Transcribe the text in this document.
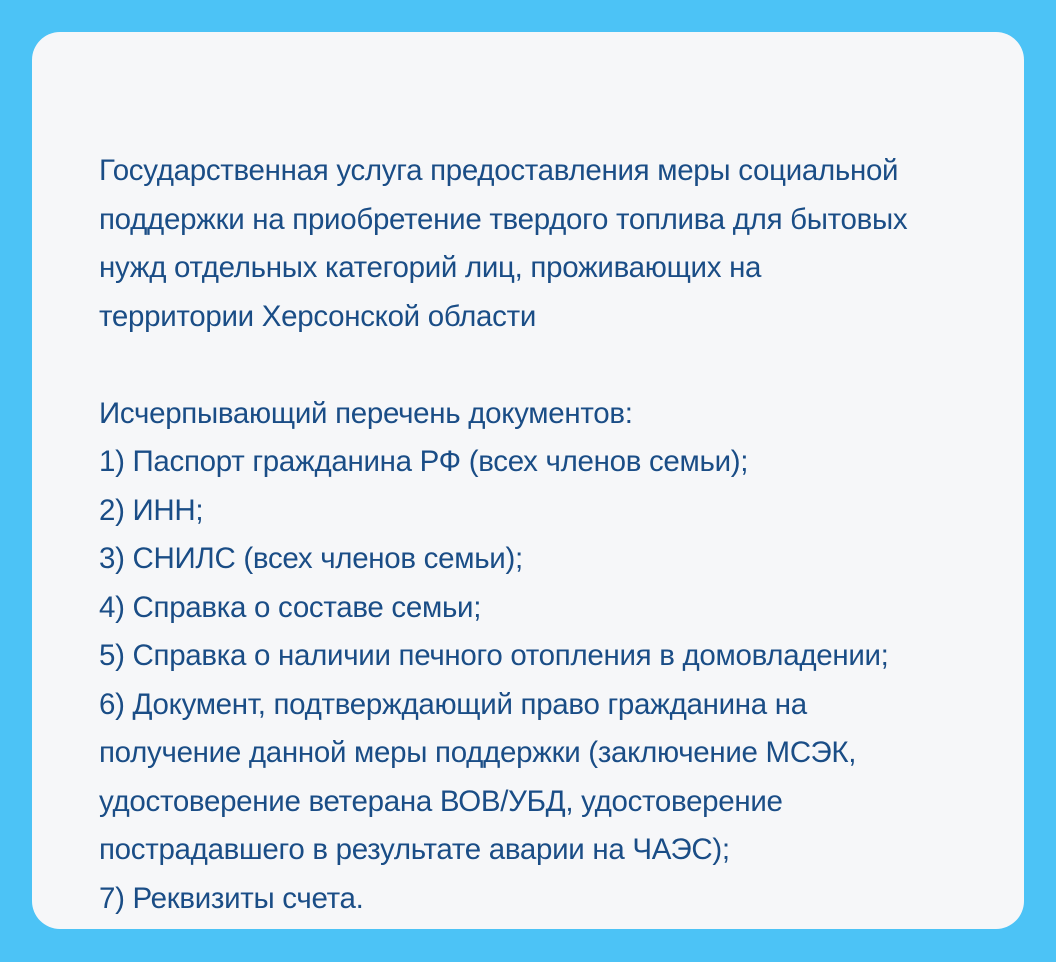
Государственная услуга предоставления меры социальной
поддержки на приобретение твердого топлива для бытовых
нужд отдельных категорий лиц, проживающих на
территории Херсонской области
Исчерпывающий перечень документов:
1) Паспорт гражданина РФ (всех членов семьи);
2) ИНН;
3) СНИЛС (всех членов семьи);
4) Справка о составе семьи;
5) Справка о наличии печного отопления в домовладении;
6) Документ, подтверждающий право гражданина на
получение данной меры поддержки (заключение МСЭК,
удостоверение ветерана ВОВ/УБД, удостоверение
пострадавшего в результате аварии на ЧАЭС);
7) Реквизиты счета.
